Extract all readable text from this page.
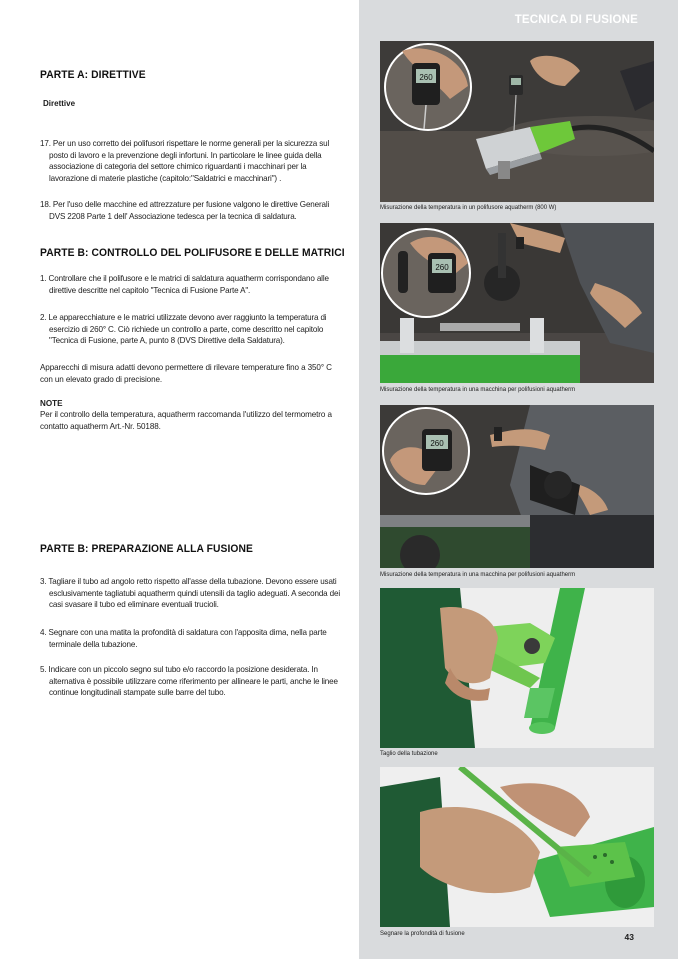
TECNICA DI FUSIONE
260
Misurazione della temperatura in un polifusore aquatherm (800 W)
260
Misurazione della temperatura in una macchina per polifusioni aquatherm
260
Misurazione della temperatura in una macchina per polifusioni aquatherm
Taglio della tubazione
Segnare la profondità di fusione	43
PARTE A: DIRETTIVE
Direttive
17. Per un uso corretto dei polifusori rispettare le norme generali per la sicurezza sul posto di lavoro e la prevenzione degli infortuni. In particolare le linee guida della associazione di categoria del settore chimico riguardanti i macchinari per la lavorazione di materie plastiche (capitolo:"Saldatrici e macchinari") .
18. Per l'uso delle macchine ed attrezzature per fusione valgono le direttive Generali DVS 2208 Parte 1 dell' Associazione tedesca per la tecnica di saldatura.
PARTE B: CONTROLLO DEL POLIFUSORE E DELLE MATRICI
1. Controllare che il polifusore e le matrici di saldatura aquatherm corrispondano alle direttive descritte nel capitolo "Tecnica di Fusione Parte A".
2. Le apparecchiature e le matrici utilizzate devono aver raggiunto la temperatura di esercizio di 260° C. Ciò richiede un controllo a parte, come descritto nel capitolo "Tecnica di Fusione, parte A, punto 8 (DVS Direttive della Saldatura).
Apparecchi di misura adatti devono permettere di rilevare temperature fino a 350° C con un elevato grado di precisione.
NOTE
Per il controllo della temperatura, aquatherm raccomanda l'utilizzo del termometro a contatto aquatherm Art.-Nr. 50188.
PARTE B: PREPARAZIONE ALLA FUSIONE
3. Tagliare il tubo ad angolo retto rispetto all'asse della tubazione. Devono essere usati esclusivamente tagliatubi aquatherm quindi utensili da taglio adeguati. A seconda dei casi svasare il tubo ed eliminare eventuali trucioli.
4. Segnare con una matita la profondità di saldatura con l'apposita dima, nella parte terminale della tubazione.
5. Indicare con un piccolo segno sul tubo e/o raccordo la posizione desiderata. In alternativa è possibile utilizzare come riferimento per allineare le parti, anche le linee continue longitudinali stampate sulle barre del tubo.
